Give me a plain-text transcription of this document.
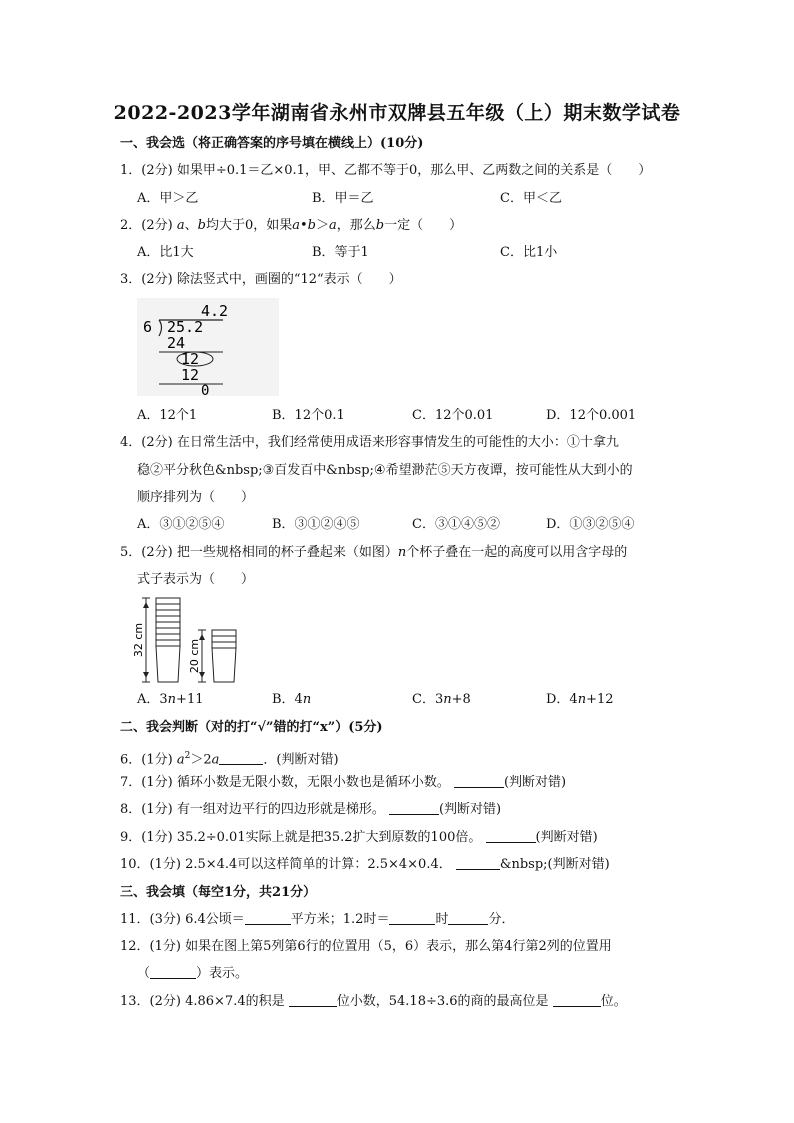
2022-2023学年湖南省永州市双牌县五年级（上）期末数学试卷
一、我会选（将正确答案的序号填在横线上）(10分)
1．(2分) 如果甲÷0.1＝乙×0.1，甲、乙都不等于0，那么甲、乙两数之间的关系是（　　）
A．甲＞乙	B．甲＝乙	C．甲＜乙
2．(2分) a、b均大于0，如果a•b＞a，那么b一定（　　）
A．比1大	B．等于1	C．比1小
3．(2分) 除法竖式中，画圈的“12“表示（　　）
4.2
6 25.2
24
12
12
0
A．12个1	B．12个0.1	C．12个0.01	D．12个0.001
4．(2分) 在日常生活中，我们经常使用成语来形容事情发生的可能性的大小：①十拿九
稳②平分秋色&nbsp;③百发百中&nbsp;④希望渺茫⑤天方夜谭，按可能性从大到小的
顺序排列为（　　）
A．③①②⑤④	B．③①②④⑤	C．③①④⑤②	D．①③②⑤④
5．(2分) 把一些规格相同的杯子叠起来（如图）n个杯子叠在一起的高度可以用含字母的
式子表示为（　　）
32 cm	20 cm
A．3n+11	B．4n	C．3n+8	D．4n+12
二、我会判断（对的打“√”错的打“x”）(5分)
6．(1分) $a^2>2a$	．(判断对错)
7．(1分) 循环小数是无限小数，无限小数也是循环小数。	(判断对错)
8．(1分) 有一组对边平行的四边形就是梯形。	(判断对错)
9．(1分) 35.2÷0.01实际上就是把35.2扩大到原数的100倍。	(判断对错)
10．(1分) 2.5×4.4可以这样简单的计算：2.5×4×0.4．	&nbsp;(判断对错)
三、我会填（每空1分，共21分）
11．(3分) 6.4公顷＝	平方米；1.2时＝	时	分．
12．(1分) 如果在图上第5列第6行的位置用（5，6）表示，那么第4行第2列的位置用
（	）表示。
13．(2分) 4.86×7.4的积是	位小数，54.18÷3.6的商的最高位是	位。
